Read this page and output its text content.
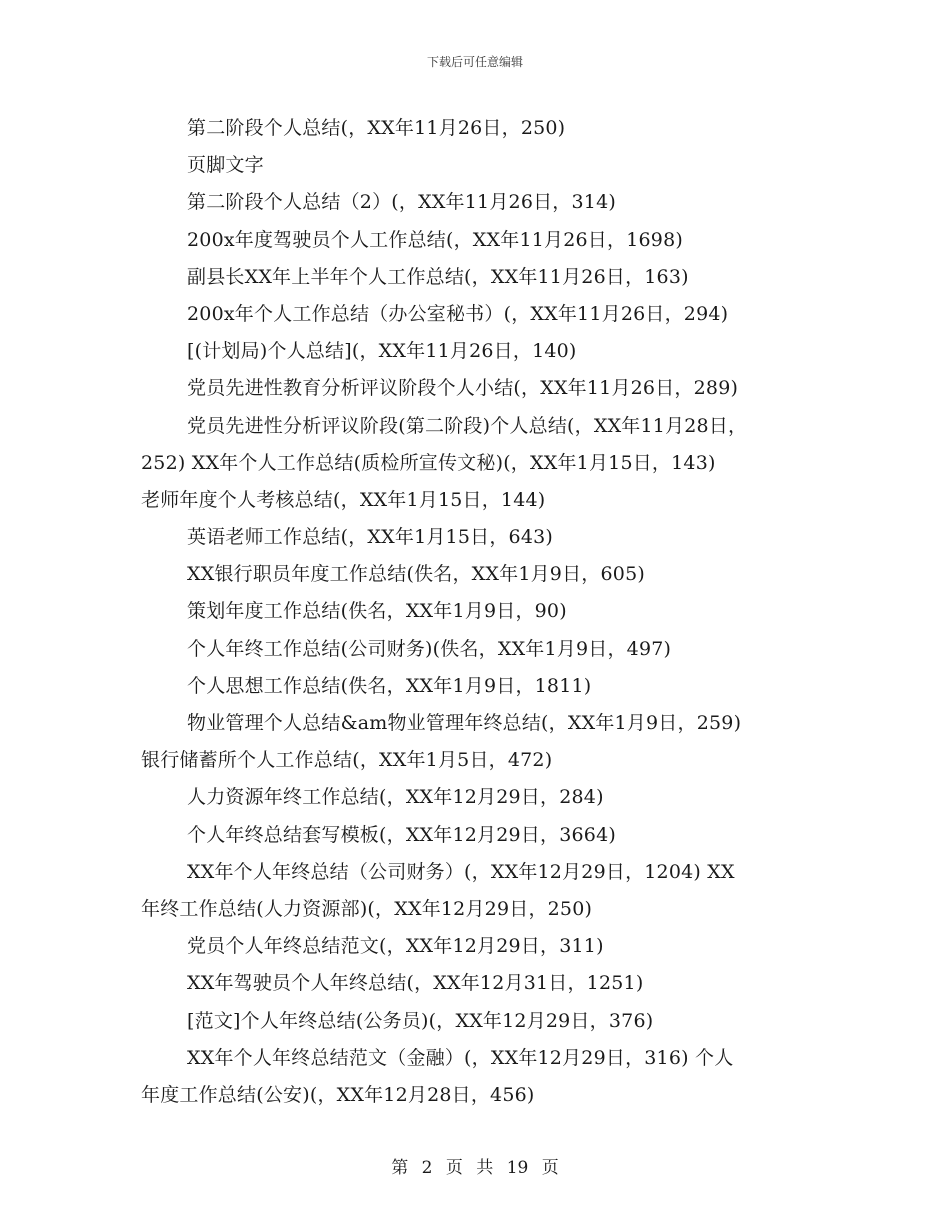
下载后可任意编辑
第二阶段个人总结(，XX年11月26日，250)
页脚文字
第二阶段个人总结（2）(，XX年11月26日，314)
200x年度驾驶员个人工作总结(，XX年11月26日，1698)
副县长XX年上半年个人工作总结(，XX年11月26日，163)
200x年个人工作总结（办公室秘书）(，XX年11月26日，294)
[(计划局)个人总结](，XX年11月26日，140)
党员先进性教育分析评议阶段个人小结(，XX年11月26日，289)
党员先进性分析评议阶段(第二阶段)个人总结(，XX年11月28日，
252) XX年个人工作总结(质检所宣传文秘)(，XX年1月15日，143)
老师年度个人考核总结(，XX年1月15日，144)
英语老师工作总结(，XX年1月15日，643)
XX银行职员年度工作总结(佚名，XX年1月9日，605)
策划年度工作总结(佚名，XX年1月9日，90)
个人年终工作总结(公司财务)(佚名，XX年1月9日，497)
个人思想工作总结(佚名，XX年1月9日，1811)
物业管理个人总结&am物业管理年终总结(，XX年1月9日，259)
银行储蓄所个人工作总结(，XX年1月5日，472)
人力资源年终工作总结(，XX年12月29日，284)
个人年终总结套写模板(，XX年12月29日，3664)
XX年个人年终总结（公司财务）(，XX年12月29日，1204) XX
年终工作总结(人力资源部)(，XX年12月29日，250)
党员个人年终总结范文(，XX年12月29日，311)
XX年驾驶员个人年终总结(，XX年12月31日，1251)
[范文]个人年终总结(公务员)(，XX年12月29日，376)
XX年个人年终总结范文（金融）(，XX年12月29日，316) 个人
年度工作总结(公安)(，XX年12月28日，456)
第 2 页 共 19 页
